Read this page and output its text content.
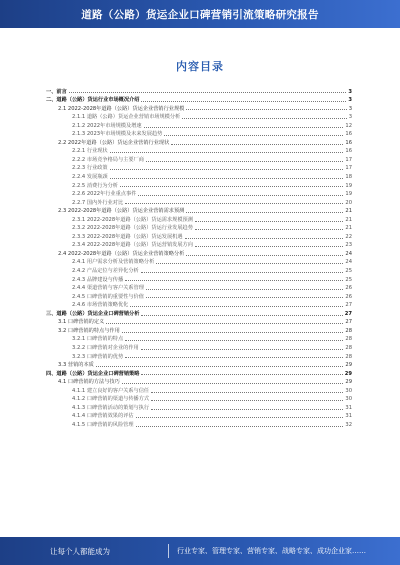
道路（公路）货运企业口碑营销引流策略研究报告
内容目录
一、前言	3
二、道路（公路）货运行业市场概况介绍	3
2.1 2022-2028年道路（公路）货运企业营销行业规模	3
2.1.1 道路（公路）货运企业营销市场规模分析	3
2.1.2 2022年市场规模及增速	12
2.1.3 2023年市场规模及未来发展趋势	16
2.2 2022年道路（公路）货运企业营销行业现状	16
2.2.1 行业现状	16
2.2.2 市场竞争格局与主要厂商	17
2.2.3 行业政策	17
2.2.4 发展瓶颈	18
2.2.5 消费行为分析	19
2.2.6 2022年行业重点事件	19
2.2.7 国内外行业对比	20
2.3 2022-2028年道路（公路）货运企业营销需求预测	21
2.3.1 2022-2028年道路（公路）货运需求规模预测	21
2.3.2 2022-2028年道路（公路）货运行业发展趋势	21
2.3.3 2022-2028年道路（公路）货运发展机遇	22
2.3.4 2022-2028年道路（公路）货运营销发展方向	23
2.4 2022-2028年道路（公路）货运企业营销策略分析	24
2.4.1 用户需求分析及营销策略分析	24
2.4.2 产品定位与差异化分析	25
2.4.3 品牌建设与传播	25
2.4.4 渠道营销与客户关系管理	26
2.4.5 口碑营销的重要性与价值	26
2.4.6 市场营销策略优化	27
三、道路（公路）货运企业口碑营销分析	27
3.1 口碑营销的定义	27
3.2 口碑营销的特点与作用	28
3.2.1 口碑营销的特点	28
3.2.2 口碑营销对企业的作用	28
3.2.3 口碑营销的优势	28
3.3 营销的本质	29
四、道路（公路）货运企业口碑营销策略	29
4.1 口碑营销的方法与技巧	29
4.1.1 建立良好的客户关系与信任	30
4.1.2 口碑营销的渠道与传播方式	30
4.1.3 口碑营销活动的策划与执行	31
4.1.4 口碑营销效果的评估	31
4.1.5 口碑营销的风险管理	32
让每个人都能成为	行业专家、管理专家、营销专家、战略专家、成功企业家……
